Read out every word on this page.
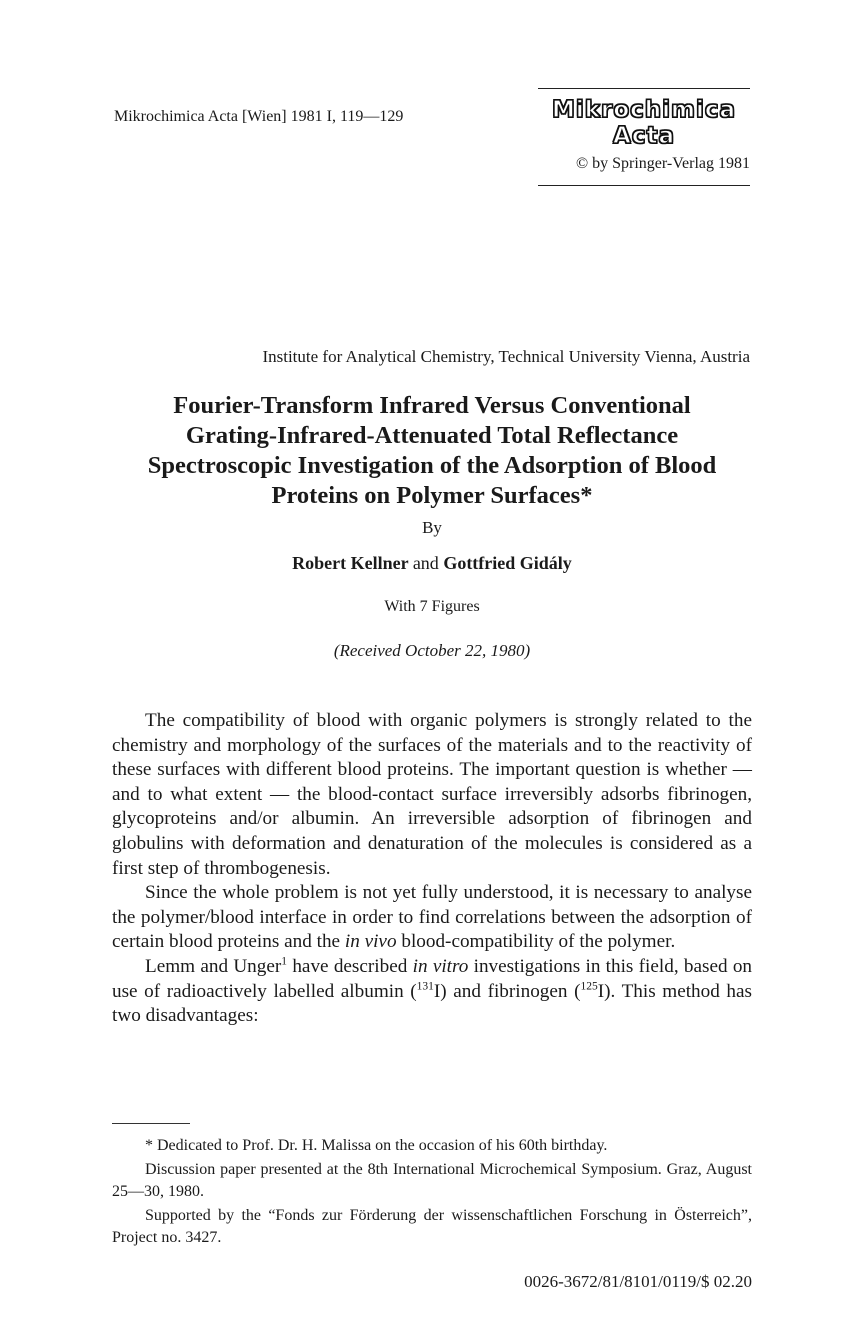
Mikrochimica Acta [Wien] 1981 I, 119—129	Mikrochimica Acta
© by Springer-Verlag 1981
Institute for Analytical Chemistry, Technical University Vienna, Austria
Fourier-Transform Infrared Versus Conventional
Grating-Infrared-Attenuated Total Reflectance
Spectroscopic Investigation of the Adsorption of Blood
Proteins on Polymer Surfaces*
By
Robert Kellner and Gottfried Gidály
With 7 Figures
(Received October 22, 1980)

The compatibility of blood with organic polymers is strongly related to the chemistry and morphology of the surfaces of the materials and to the reactivity of these surfaces with different blood proteins. The important question is whether — and to what extent — the blood-contact surface irreversibly adsorbs fibrinogen, glycoproteins and/or albumin. An irreversible adsorption of fibrinogen and globulins with deformation and denaturation of the molecules is considered as a first step of thrombogenesis.

Since the whole problem is not yet fully understood, it is necessary to analyse the polymer/blood interface in order to find correlations between the adsorption of certain blood proteins and the in vivo blood-compatibility of the polymer.

Lemm and Unger$^1$ have described in vitro investigations in this field, based on use of radioactively labelled albumin ($^{131}$I) and fibrinogen ($^{125}$I). This method has two disadvantages:

* Dedicated to Prof. Dr. H. Malissa on the occasion of his 60th birthday.

Discussion paper presented at the 8th International Microchemical Symposium. Graz, August 25—30, 1980.

Supported by the “Fonds zur Förderung der wissenschaftlichen Forschung in Österreich”, Project no. 3427.

0026-3672/81/8101/0119/$ 02.20
